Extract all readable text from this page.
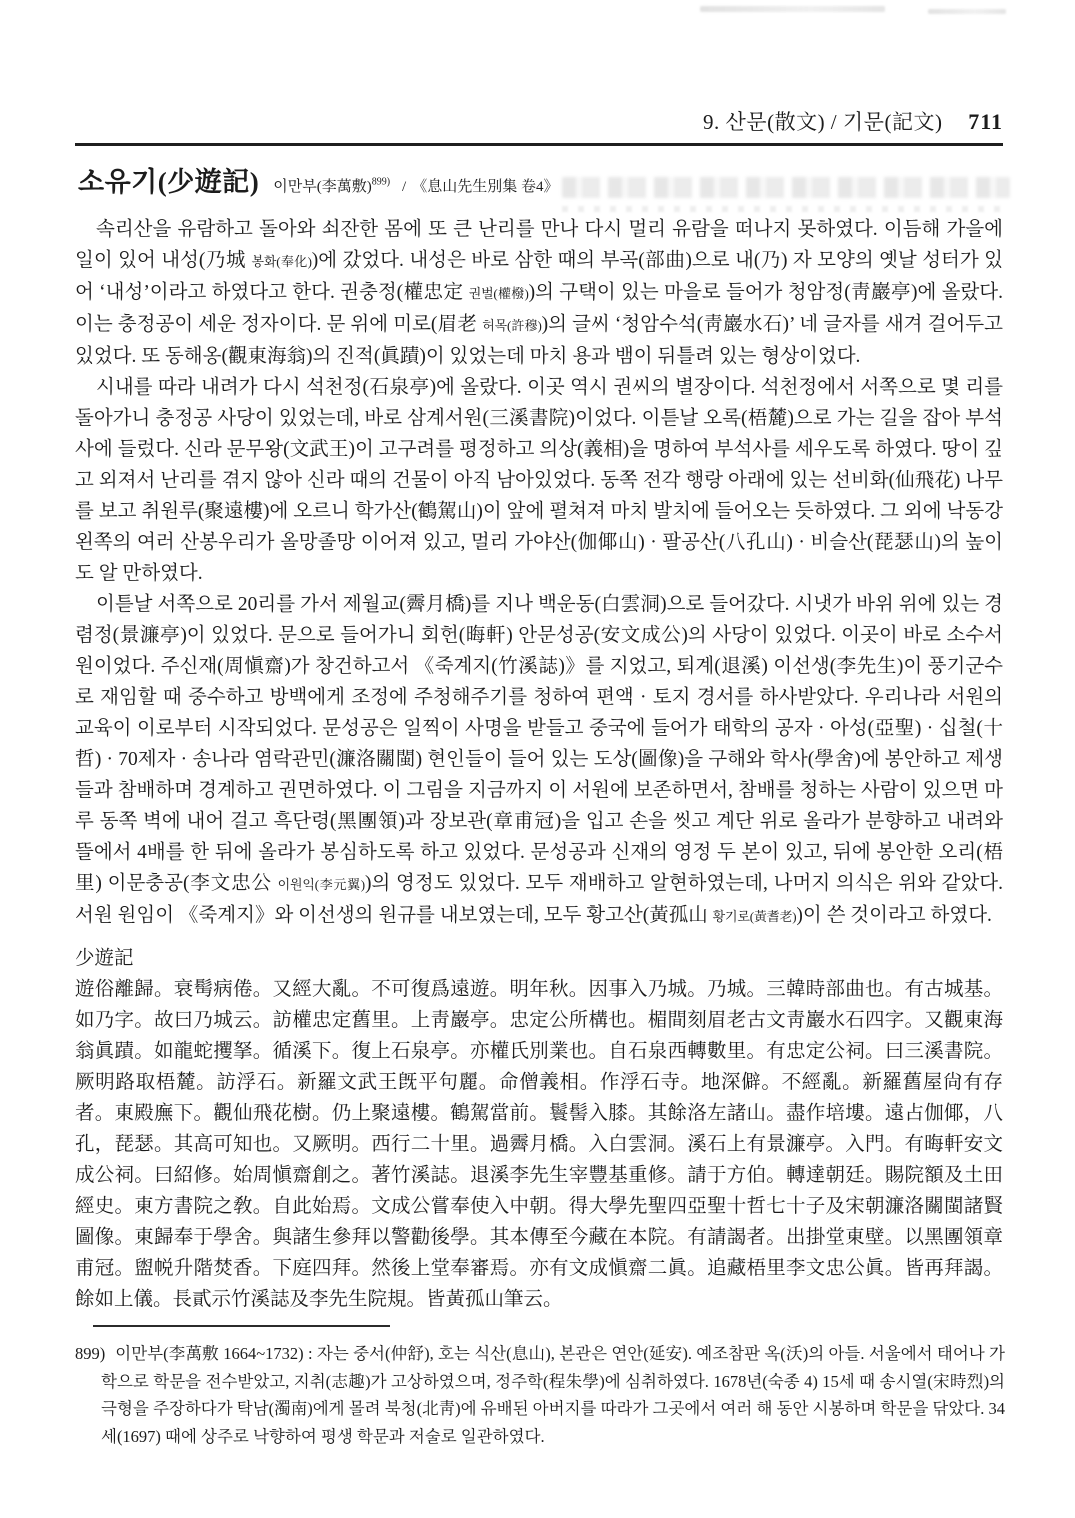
9. 산문(散文) / 기문(記文) 711
소유기(少遊記) 이만부(李萬敷)$^{899)}$ / 《息山先生別集 卷4》

속리산을 유람하고 돌아와 쇠잔한 몸에 또 큰 난리를 만나 다시 멀리 유람을 떠나지 못하였다. 이듬해 가을에 일이 있어 내성(乃城 봉화(奉化))에 갔었다. 내성은 바로 삼한 때의 부곡(部曲)으로 내(乃) 자 모양의 옛날 성터가 있어 ‘내성’이라고 하였다고 한다. 권충정(權忠定 권벌(權橃))의 구택이 있는 마을로 들어가 청암정(靑巖亭)에 올랐다. 이는 충정공이 세운 정자이다. 문 위에 미로(眉老 허목(許穆))의 글씨 ‘청암수석(靑巖水石)’ 네 글자를 새겨 걸어두고 있었다. 또 동해옹(觀東海翁)의 진적(眞蹟)이 있었는데 마치 용과 뱀이 뒤틀려 있는 형상이었다.

시내를 따라 내려가 다시 석천정(石泉亭)에 올랐다. 이곳 역시 권씨의 별장이다. 석천정에서 서쪽으로 몇 리를 돌아가니 충정공 사당이 있었는데, 바로 삼계서원(三溪書院)이었다. 이튿날 오록(梧麓)으로 가는 길을 잡아 부석사에 들렀다. 신라 문무왕(文武王)이 고구려를 평정하고 의상(義相)을 명하여 부석사를 세우도록 하였다. 땅이 깊고 외져서 난리를 겪지 않아 신라 때의 건물이 아직 남아있었다. 동쪽 전각 행랑 아래에 있는 선비화(仙飛花) 나무를 보고 취원루(聚遠樓)에 오르니 학가산(鶴駕山)이 앞에 펼쳐져 마치 발치에 들어오는 듯하였다. 그 외에 낙동강 왼쪽의 여러 산봉우리가 올망졸망 이어져 있고, 멀리 가야산(伽倻山) · 팔공산(八孔山) · 비슬산(琵瑟山)의 높이도 알 만하였다.

이튿날 서쪽으로 20리를 가서 제월교(霽月橋)를 지나 백운동(白雲洞)으로 들어갔다. 시냇가 바위 위에 있는 경렴정(景濂亭)이 있었다. 문으로 들어가니 회헌(晦軒) 안문성공(安文成公)의 사당이 있었다. 이곳이 바로 소수서원이었다. 주신재(周愼齋)가 창건하고서 《죽계지(竹溪誌)》를 지었고, 퇴계(退溪) 이선생(李先生)이 풍기군수로 재임할 때 중수하고 방백에게 조정에 주청해주기를 청하여 편액 · 토지 경서를 하사받았다. 우리나라 서원의 교육이 이로부터 시작되었다. 문성공은 일찍이 사명을 받들고 중국에 들어가 태학의 공자 · 아성(亞聖) · 십철(十哲) · 70제자 · 송나라 염락관민(濂洛關閩) 현인들이 들어 있는 도상(圖像)을 구해와 학사(學舍)에 봉안하고 제생들과 참배하며 경계하고 권면하였다. 이 그림을 지금까지 이 서원에 보존하면서, 참배를 청하는 사람이 있으면 마루 동쪽 벽에 내어 걸고 흑단령(黑團領)과 장보관(章甫冠)을 입고 손을 씻고 계단 위로 올라가 분향하고 내려와 뜰에서 4배를 한 뒤에 올라가 봉심하도록 하고 있었다. 문성공과 신재의 영정 두 본이 있고, 뒤에 봉안한 오리(梧里) 이문충공(李文忠公 이원익(李元翼))의 영정도 있었다. 모두 재배하고 알현하였는데, 나머지 의식은 위와 같았다. 서원 원임이 《죽계지》와 이선생의 원규를 내보였는데, 모두 황고산(黃孤山 황기로(黃耆老))이 쓴 것이라고 하였다.

少遊記
遊俗離歸。衰髩病倦。又經大亂。不可復爲遠遊。明年秋。因事入乃城。乃城。三韓時部曲也。有古城基。如乃字。故曰乃城云。訪權忠定舊里。上靑巖亭。忠定公所構也。楣間刻眉老古文靑巖水石四字。又觀東海翁眞蹟。如龍蛇攫拏。循溪下。復上石泉亭。亦權氏別業也。自石泉西轉數里。有忠定公祠。曰三溪書院。厥明路取梧麓。訪浮石。新羅文武王旣平句麗。命僧義相。作浮石寺。地深僻。不經亂。新羅舊屋尙有存者。東殿廡下。觀仙飛花樹。仍上聚遠樓。鶴駕當前。鬟髻入膝。其餘洛左諸山。盡作培塿。遠占伽倻，八孔，琵瑟。其高可知也。又厥明。西行二十里。過霽月橋。入白雲洞。溪石上有景濂亭。入門。有晦軒安文成公祠。曰紹修。始周愼齋創之。著竹溪誌。退溪李先生宰豐基重修。請于方伯。轉達朝廷。賜院額及土田經史。東方書院之敎。自此始焉。文成公嘗奉使入中朝。得大學先聖四亞聖十哲七十子及宋朝濂洛關閩諸賢圖像。東歸奉于學舍。與諸生參拜以警勸後學。其本傳至今藏在本院。有請謁者。出掛堂東壁。以黑團領章甫冠。盥帨升階焚香。下庭四拜。然後上堂奉審焉。亦有文成愼齋二眞。追藏梧里李文忠公眞。皆再拜謁。餘如上儀。長貳示竹溪誌及李先生院規。皆黃孤山筆云。

899) 이만부(李萬敷 1664~1732) : 자는 중서(仲舒), 호는 식산(息山), 본관은 연안(延安). 예조참판 옥(沃)의 아들. 서울에서 태어나 가학으로 학문을 전수받았고, 지취(志趣)가 고상하였으며, 정주학(程朱學)에 심취하였다. 1678년(숙종 4) 15세 때 송시열(宋時烈)의 극형을 주장하다가 탁남(濁南)에게 몰려 북청(北靑)에 유배된 아버지를 따라가 그곳에서 여러 해 동안 시봉하며 학문을 닦았다. 34세(1697) 때에 상주로 낙향하여 평생 학문과 저술로 일관하였다.
